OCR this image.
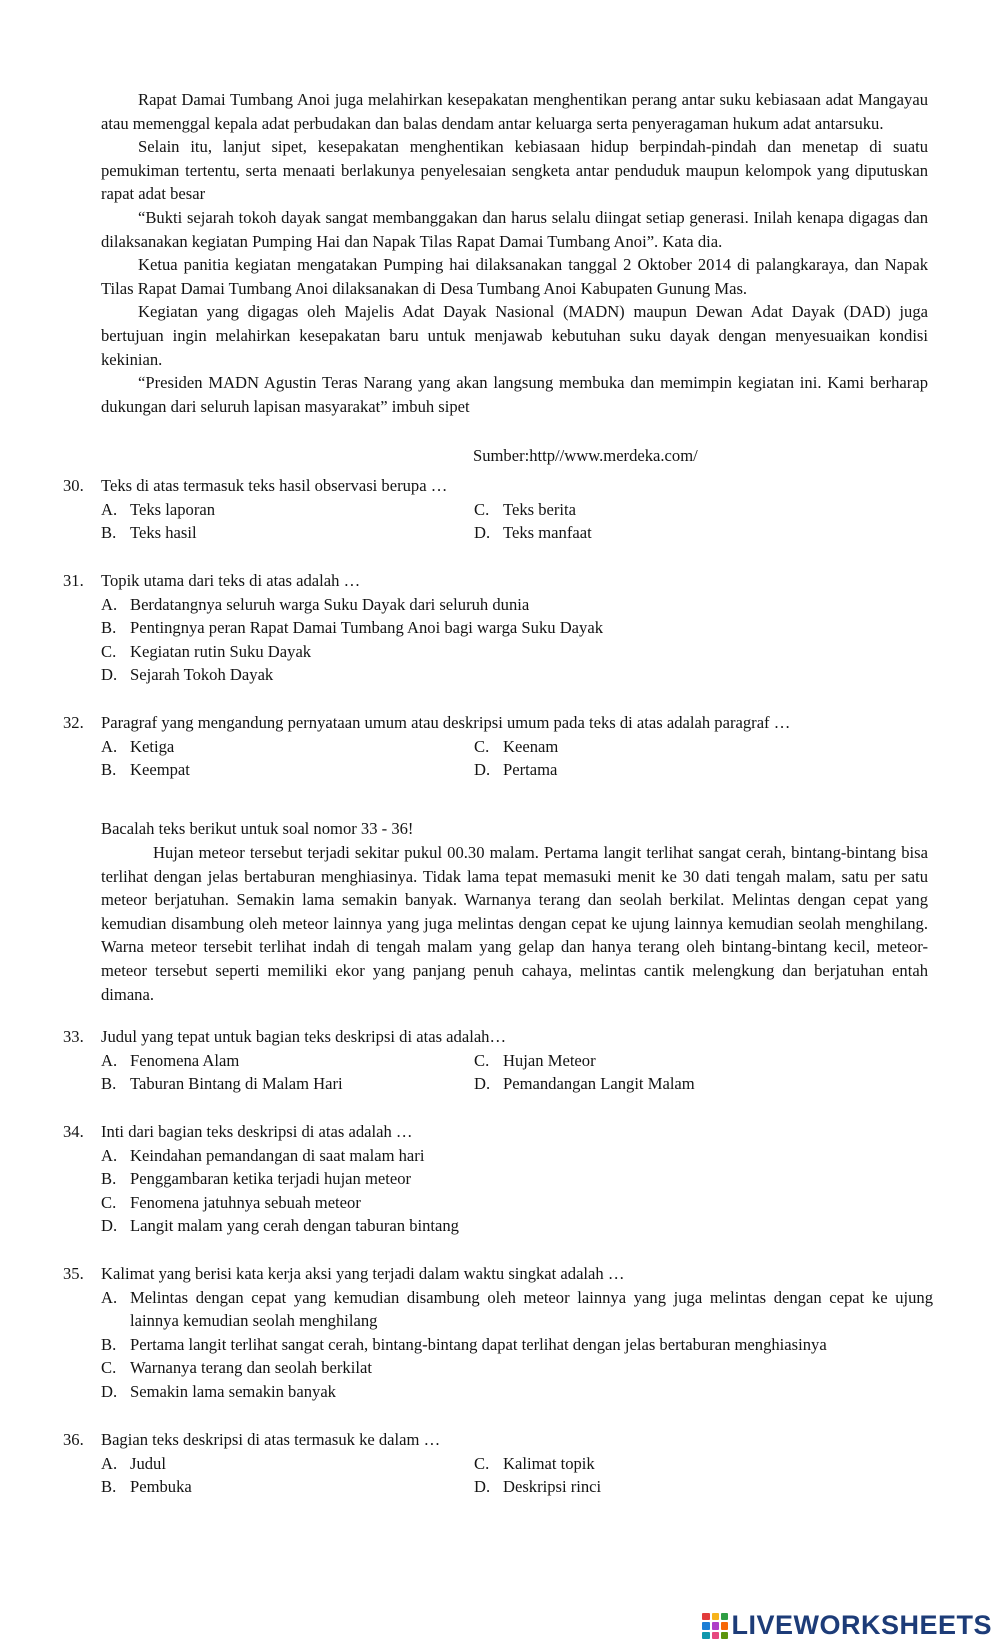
Rapat Damai Tumbang Anoi juga melahirkan kesepakatan menghentikan perang antar suku kebiasaan adat Mangayau atau memenggal kepala adat perbudakan dan balas dendam antar keluarga serta penyeragaman hukum adat antarsuku.

Selain itu, lanjut sipet, kesepakatan menghentikan kebiasaan hidup berpindah-pindah dan menetap di suatu pemukiman tertentu, serta menaati berlakunya penyelesaian sengketa antar penduduk maupun kelompok yang diputuskan rapat adat besar

“Bukti sejarah tokoh dayak sangat membanggakan dan harus selalu diingat setiap generasi. Inilah kenapa digagas dan dilaksanakan kegiatan Pumping Hai dan Napak Tilas Rapat Damai Tumbang Anoi”. Kata dia.

Ketua panitia kegiatan mengatakan Pumping hai dilaksanakan tanggal 2 Oktober 2014 di palangkaraya, dan Napak Tilas Rapat Damai Tumbang Anoi dilaksanakan di Desa Tumbang Anoi Kabupaten Gunung Mas.

Kegiatan yang digagas oleh Majelis Adat Dayak Nasional (MADN) maupun Dewan Adat Dayak (DAD) juga bertujuan ingin melahirkan kesepakatan baru untuk menjawab kebutuhan suku dayak dengan menyesuaikan kondisi kekinian.

“Presiden MADN Agustin Teras Narang yang akan langsung membuka dan memimpin kegiatan ini. Kami berharap dukungan dari seluruh lapisan masyarakat” imbuh sipet

Sumber:http//www.merdeka.com/
30.	Teks di atas termasuk teks hasil observasi berupa …
A. Teks laporan	C. Teks berita
B. Teks hasil	D. Teks manfaat
31.	Topik utama dari teks di atas adalah …
A. Berdatangnya seluruh warga Suku Dayak dari seluruh dunia
B. Pentingnya peran Rapat Damai Tumbang Anoi bagi warga Suku Dayak
C. Kegiatan rutin Suku Dayak
D. Sejarah Tokoh Dayak
32.	Paragraf yang mengandung pernyataan umum atau deskripsi umum pada teks di atas adalah paragraf …
A. Ketiga	C. Keenam
B. Keempat	D. Pertama
Bacalah teks berikut untuk soal nomor 33 - 36!

Hujan meteor tersebut terjadi sekitar pukul 00.30 malam. Pertama langit terlihat sangat cerah, bintang-bintang bisa terlihat dengan jelas bertaburan menghiasinya. Tidak lama tepat memasuki menit ke 30 dati tengah malam, satu per satu meteor berjatuhan. Semakin lama semakin banyak. Warnanya terang dan seolah berkilat. Melintas dengan cepat yang kemudian disambung oleh meteor lainnya yang juga melintas dengan cepat ke ujung lainnya kemudian seolah menghilang. Warna meteor tersebit terlihat indah di tengah malam yang gelap dan hanya terang oleh bintang-bintang kecil, meteor-meteor tersebut seperti memiliki ekor yang panjang penuh cahaya, melintas cantik melengkung dan berjatuhan entah dimana.

33.	Judul yang tepat untuk bagian teks deskripsi di atas adalah…
A. Fenomena Alam	C. Hujan Meteor
B. Taburan Bintang di Malam Hari	D. Pemandangan Langit Malam
34.	Inti dari bagian teks deskripsi di atas adalah …
A. Keindahan pemandangan di saat malam hari
B. Penggambaran ketika terjadi hujan meteor
C. Fenomena jatuhnya sebuah meteor
D. Langit malam yang cerah dengan taburan bintang
35.	Kalimat yang berisi kata kerja aksi yang terjadi dalam waktu singkat adalah …
A. Melintas dengan cepat yang kemudian disambung oleh meteor lainnya yang juga melintas dengan cepat ke ujung lainnya kemudian seolah menghilang
B. Pertama langit terlihat sangat cerah, bintang-bintang dapat terlihat dengan jelas bertaburan menghiasinya
C. Warnanya terang dan seolah berkilat
D. Semakin lama semakin banyak
36.	Bagian teks deskripsi di atas termasuk ke dalam …
A. Judul	C. Kalimat topik
B. Pembuka	D. Deskripsi rinci
LIVEWORKSHEETS
